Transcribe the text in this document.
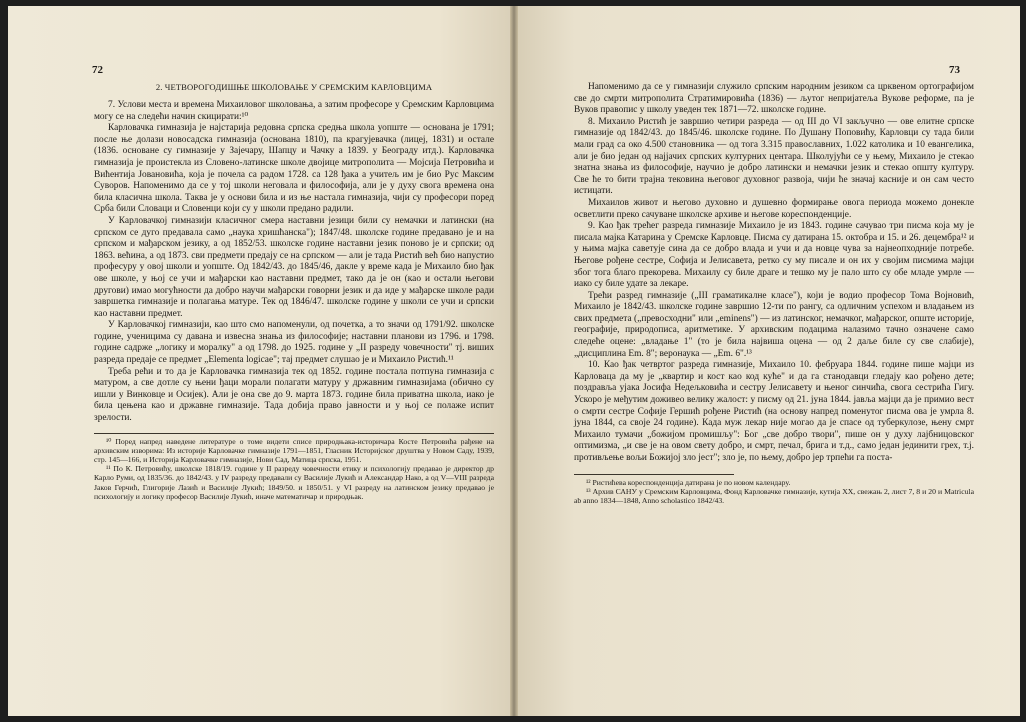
72
2. ЧЕТВОРОГОДИШЊЕ ШКОЛОВАЊЕ У СРЕМСКИМ КАРЛОВЦИМА

7. Услови места и времена Михаиловог школовања, а затим професоре у Сремским Карловцима могу се на следећи начин скицирати:¹⁰

Карловачка гимназија је најстарија редовна српска средња школа уопште — основана је 1791; после ње долази новосадска гимназија (основана 1810), па крагујевачка (лицеј, 1831) и остале (1836. основане су гимназије у Зајечару, Шапцу и Чачку а 1839. у Београду итд.). Карловачка гимназија је проистекла из Слoвено-латинске школе двојице митрополита — Мојсија Петровића и Вићентија Јовановића, која је почела са радом 1728. са 128 ђака а учитељ им је био Рус Максим Суворов. Напоменимо да се у тој школи неговала и философија, али је у духу свога времена она била класична школа. Таква је у основи била и из ње настала гимназија, чији су професори поред Срба били Словаци и Словенци који су у школи предано радили.

У Карловачкој гимназији класичног смера наставни језици били су немачки и латински (на српском се дуго предавала само „наука хришћанска"); 1847/48. школске године предавано је и на српском и мађарском језику, а од 1852/53. школске године наставни језик поново је и српски; од 1863. већина, а од 1873. сви предмети предају се на српском — али је тада Ристић већ био напустио професуру у овој школи и уопште. Од 1842/43. до 1845/46, дакле у време када је Михаило био ђак ове школе, у њој се учи и мађарски као наставни предмет, тако да је он (као и остали његови другови) имао могућности да добро научи мађарски говорни језик и да иде у мађарске школе ради завршетка гимназије и полагања матуре. Тек од 1846/47. школске године у школи се учи и српски као наставни предмет.

У Карловачкој гимназији, као што смо напоменули, од почетка, а то значи од 1791/92. школске године, ученицима су давана и извесна знања из философије; наставни планови из 1796. и 1798. године садрже „логику и моралку" а од 1798. до 1925. године у „II разреду човечности" тј. виших разреда предаје се предмет „Elementa logicae"; тај предмет слушао је и Михаило Ристић.¹¹

Треба рећи и то да је Карловачка гимназија тек од 1852. године постала потпуна гимназија с матуром, а све дотле су њени ђаци морали полагати матуру у државним гимназијама (обично су ишли у Винковце и Осијек). Али је она све до 9. марта 1873. године била приватна школа, иако је била цењена као и државне гимназије. Тада добија право јавности и у њој се полаже испит зрелости.

¹⁰ Поред напред наведене литературе о томе видети списе природњака-историчара Косте Петровића рађене на архивским изворима: Из историје Карловачке гимназије 1791—1851, Гласник Историјског друштва у Новом Саду, 1939, стр. 145—166, и Историја Карловачке гимназије, Нови Сад, Матица српска, 1951.

¹¹ По К. Петровићу, школске 1818/19. године у II разреду човечности етику и психологију предавао је директор др Карло Руми, од 1835/36. до 1842/43. у IV разреду предавали су Василије Лукић и Александар Нако, а од V—VIII разреда Јаков Герчић, Глигорије Лазић и Василије Лукић; 1849/50. и 1850/51. у VI разреду на латинском језику предавао је психологију и логику професор Василије Лукић, иначе математичар и природњак.

73

Напоменимо да се у гимназији служило српским народним језиком са црквеном ортографијом све до смрти митрополита Стратимировића (1836) — љутог непријатеља Вукове реформе, па је Вуков правопис у школу уведен тек 1871—72. школске године.

8. Михаило Ристић је завршио четири разреда — од III до VI закључно — ове елитне српске гимназије од 1842/43. до 1845/46. школске године. По Душану Поповићу, Карловци су тада били мали град са око 4.500 становника — од тога 3.315 православних, 1.022 католика и 10 евангелика, али је био један од најјачих српских културних центара. Школујући се у њему, Михаило је стекао знатна знања из философије, научио је добро латински и немачки језик и стекао општу културу. Све ће то бити трајна тековина његовог духовног развоја, чији ће значај касније и он сам често истицати.

Михаилов живот и његово духовно и душевно формирање овога периода можемо донекле осветлити преко сачуване школске архиве и његове кореспонденције.

9. Као ђак трећег разреда гимназије Михаило је из 1843. године сачувао три писма која му је писала мајка Катарина у Сремске Карловце. Писма су датирана 15. октобра и 15. и 26. децембра¹² и у њима мајка саветује сина да се добро влада и учи и да новце чува за најнеопходније потребе. Његове рођене сестре, Софија и Јелисавета, ретко су му писале и он их у својим писмима мајци због тога благо прекорева. Михаилу су биле драге и тешко му је пало што су обе младе умрле — иако су биле удате за лекаре.

Трећи разред гимназије („III граматикалне класе"), који је водио професор Тома Војновић, Михаило је 1842/43. школске године завршио 12-ти по рангу, са одличним успехом и владањем из свих предмета („превосходни" или „eminens") — из латинског, немачког, мађарског, опште историје, географије, природописа, аритметике. У архивским подацима налазимо тачно означене само следеће оцене: „владање 1" (то је била највиша оцена — од 2 даље биле су све слабије), „дисциплина Em. 8"; веронаука — „Em. 6".¹³

10. Као ђак четвртог разреда гимназије, Михаило 10. фебруара 1844. године пише мајци из Карловаца да му је „квартир и кост као код куће" и да га станодавци гледају као рођено дете; поздравља ујака Јосифа Недељковића и сестру Јелисавету и њеног синчића, свога сестрића Гигу. Ускоро је међутим доживео велику жалост: у писму од 21. јуна 1844. јавља мајци да је примио вест о смрти сестре Софије Гершић рођене Ристић (на основу напред поменутог писма ова је умрла 8. јуна 1844, са своје 24 године). Када муж лекар није могао да је спасе од туберкулозе, њену смрт Михаило тумачи „божијом промишљу": Бог „све добро твори", пише он у духу лајбницовског оптимизма, „и све је на овом свету добро, и смрт, печал, брига и т.д., само један јединити грех, т.ј. противљење вољи Божијој зло јест"; зло је, по њему, добро јер трпећи га поста-

¹² Ристићева кореспонденција датирана је по новом календару.

¹³ Архив САНУ у Сремским Карловцима, Фонд Карловачке гимназије, кутија XX, свежањ 2, лист 7, 8 и 20 и Matricula ab anno 1834—1848, Anno scholastico 1842/43.
